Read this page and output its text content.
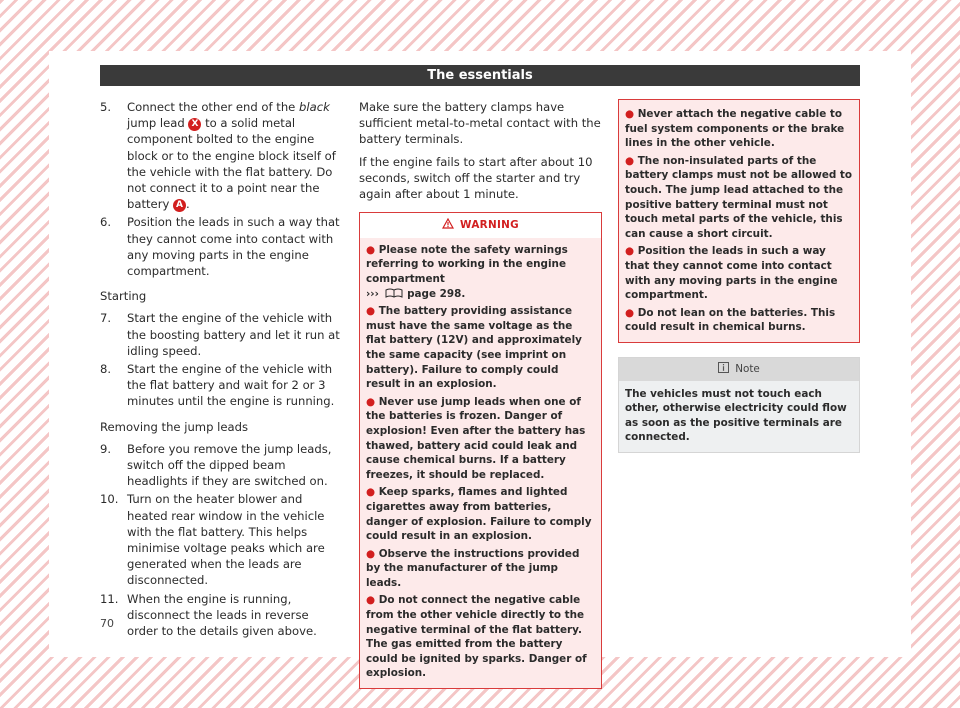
The essentials
5.	Connect the other end of the black jump lead X to a solid metal component bolted to the engine block or to the engine block itself of the vehicle with the flat battery. Do not connect it to a point near the battery A .
6.	Position the leads in such a way that they cannot come into contact with any moving parts in the engine compartment.
Starting
7.	Start the engine of the vehicle with the boosting battery and let it run at idling speed.
8.	Start the engine of the vehicle with the flat battery and wait for 2 or 3 minutes until the engine is running.
Removing the jump leads
9.	Before you remove the jump leads, switch off the dipped beam headlights if they are switched on.
10. Turn on the heater blower and heated rear window in the vehicle with the flat battery. This helps minimise voltage peaks which are generated when the leads are disconnected.
11. When the engine is running, disconnect the leads in reverse order to the details given above.

Make sure the battery clamps have sufficient metal-to-metal contact with the battery terminals.

If the engine fails to start after about 10 seconds, switch off the starter and try again after about 1 minute.

WARNING
● Please note the safety warnings referring to working in the engine compartment
›››  page 298.
● The battery providing assistance must have the same voltage as the flat battery (12V) and approximately the same capacity (see imprint on battery). Failure to comply could result in an explosion.
● Never use jump leads when one of the batteries is frozen. Danger of explosion! Even after the battery has thawed, battery acid could leak and cause chemical burns. If a battery freezes, it should be replaced.
● Keep sparks, flames and lighted cigarettes away from batteries, danger of explosion. Failure to comply could result in an explosion.
● Observe the instructions provided by the manufacturer of the jump leads.
● Do not connect the negative cable from the other vehicle directly to the negative terminal of the flat battery. The gas emitted from the battery could be ignited by sparks. Danger of explosion.
● Never attach the negative cable to fuel system components or the brake lines in the other vehicle.
● The non-insulated parts of the battery clamps must not be allowed to touch. The jump lead attached to the positive battery terminal must not touch metal parts of the vehicle, this can cause a short circuit.
● Position the leads in such a way that they cannot come into contact with any moving parts in the engine compartment.
● Do not lean on the batteries. This could result in chemical burns.
Note
The vehicles must not touch each other, otherwise electricity could flow as soon as the positive terminals are connected.
70
